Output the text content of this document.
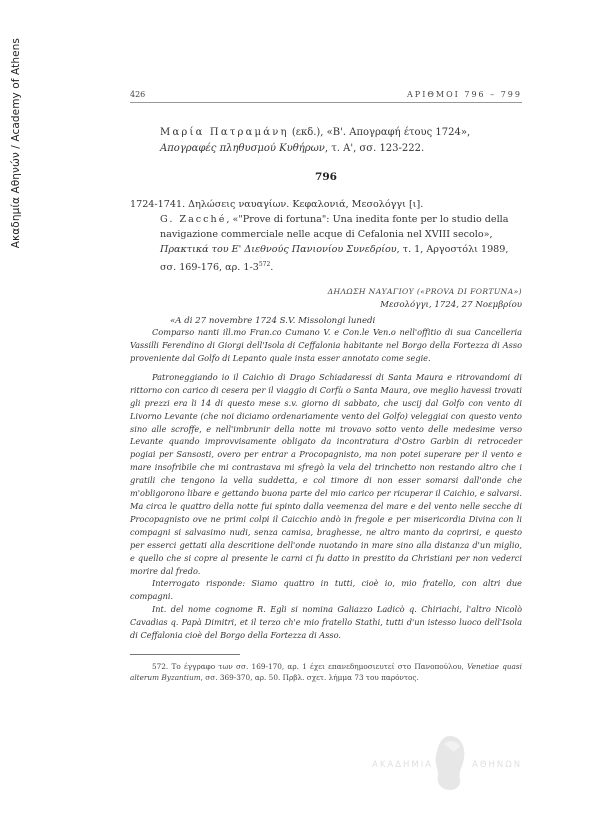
Ακαδημία Αθηνών / Academy of Athens	426	ΑΡΙΘΜΟΙ 796 – 799
Μαρία Πατραμάνη (εκδ.), «Β'. Απογραφή έτους 1724», Απογραφές πληθυσμού Κυθήρων, τ. Α', σσ. 123-222.
796
1724-1741. Δηλώσεις ναυαγίων. Κεφαλονιά, Μεσολόγγι [ι].
G. Zacché, «"Prove di fortuna": Una inedita fonte per lo studio della navigazione commerciale nelle acque di Cefalonia nel XVIII secolo», Πρακτικά του Ε' Διεθνούς Πανιονίου Συνεδρίου, τ. 1, Αργοστόλι 1989, σσ. 169-176, αρ. $1-3^{572}$.
ΔΗΛΩΣΗ ΝΑΥΑΓΙΟΥ («PROVA DI FORTUNA»)
Μεσολόγγι, 1724, 27 Νοεμβρίου
«A di 27 novembre 1724 S.V. Missolongi lunedi

Comparso nanti ill.mo Fran.co Cumano V. e Con.le Ven.o nell'offitio di sua Cancelleria Vassilli Ferendino di Giorgi dell'Isola di Ceffalonia habitante nel Borgo della Fortezza di Asso proveniente dal Golfo di Lepanto quale insta esser annotato come segie.

Patroneggiando io il Caichio di Drago Schiadaressi di Santa Maura e ritrovandomi di rittorno con carico di cesera per il viaggio di Corfù o Santa Maura, ove meglio havessi trovati gli prezzi era li 14 di questo mese s.v. giorno di sabbato, che uscij dal Golfo con vento di Livorno Levante (che noi diciamo ordenariamente vento del Golfo) veleggiai con questo vento sino alle scroffe, e nell'imbrunir della notte mi trovavo sotto vento delle medesime verso Levante quando improvvisamente obligato da incontratura d'Ostro Garbin di retroceder pogiai per Sansosti, overo per entrar a Procopagnisto, ma non potei superare per il vento e mare insofribile che mi contrastava mi sfregò la vela del trinchetto non restando altro che i gratili che tengono la vella suddetta, e col timore di non esser somarsi dall'onde che m'obligorono libare e gettando buona parte del mio carico per ricuperar il Caichio, e salvarsi. Ma circa le quattro della notte fui spinto dalla veemenza del mare e del vento nelle secche di Procopagnisto ove ne primi colpi il Caicchio andò in fregole e per misericordia Divina con li compagni si salvasimo nudi, senza camisa, braghesse, ne altro manto da coprirsi, e questo per esserci gettati alla descritione dell'onde nuotando in mare sino alla distanza d'un miglio, e quello che si copre al presente le carni ci fu datto in prestito da Christiani per non vederci morire dal fredo.

Interrogato risponde: Siamo quattro in tutti, cioè io, mio fratello, con altri due compagni.

Int. del nome cognome R. Egli si nomina Galiazzo Ladicò q. Chiriachi, l'altro Nicolò Cavadias q. Papà Dimitri, et il terzo ch'e mio fratello Stathi, tutti d'un istesso luoco dell'Isola di Ceffalonia cioè del Borgo della Fortezza di Asso.

572. Το έγγραφο των σσ. 169-170, αρ. 1 έχει επανεδημοσιευτεί στο Πανοπούλου, Venetiae quasi alterum Byzantium, σσ. 369-370, αρ. 50. Πρβλ. σχετ. λήμμα 73 του παρόντος.
ΑΚΑΔΗΜΙΑ	ΑΘΗΝΩΝ
